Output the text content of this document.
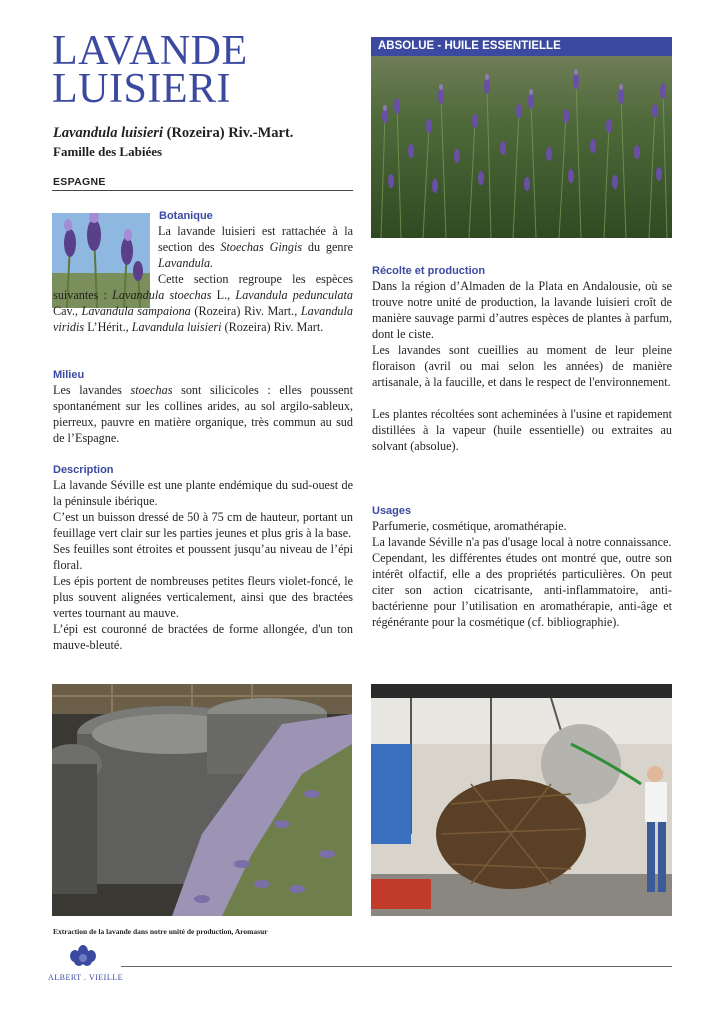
LAVANDE
LUISIERI
Lavandula luisieri (Rozeira) Riv.-Mart.
Famille des Labiées
ESPAGNE
ABSOLUE - HUILE ESSENTIELLE
Botanique

La lavande luisieri est rattachée à la section des Stoechas Gingis du genre Lavandula.

Cette section regroupe les espèces suivantes : Lavandula stoechas L., Lavandula pedunculata Cav., Lavandula sampaiona (Rozeira) Riv. Mart., Lavandula viridis L’Hérit., Lavandula luisieri (Rozeira) Riv. Mart.

Milieu

Les lavandes stoechas sont silicicoles : elles poussent spontanément sur les collines arides, au sol argilo-sableux, pierreux, pauvre en matière organique, très commun au sud de l’Espagne.

Description

La lavande Séville est une plante endémique du sud-ouest de la péninsule ibérique.

C’est un buisson dressé de 50 à 75 cm de hauteur, portant un feuillage vert clair sur les parties jeunes et plus gris à la base.

Ses feuilles sont étroites et poussent jusqu’au niveau de l’épi floral.

Les épis portent de nombreuses petites fleurs violet-foncé, le plus souvent alignées verticalement, ainsi que des bractées vertes tournant au mauve.

L’épi est couronné de bractées de forme allongée, d'un ton mauve-bleuté.

Récolte et production

Dans la région d’Almaden de la Plata en Andalousie, où se trouve notre unité de production, la lavande luisieri croît de manière sauvage parmi d’autres espèces de plantes à parfum, dont le ciste.

Les lavandes sont cueillies au moment de leur pleine floraison (avril ou mai selon les années) de manière artisanale, à la faucille, et dans le respect de l'environnement.

Les plantes récoltées sont acheminées à l'usine et rapidement distillées à la vapeur (huile essentielle) ou extraites au solvant (absolue).

Usages

Parfumerie, cosmétique, aromathérapie.

La lavande Séville n'a pas d'usage local à notre connaissance.

Cependant, les différentes études ont montré que, outre son intérêt olfactif, elle a des propriétés particulières. On peut citer son action cicatrisante, anti-inflammatoire, anti-bactérienne pour l’utilisation en aromathérapie, anti-âge et régénérante pour la cosmétique (cf. bibliographie).

Extraction de la lavande dans notre unité de production, Aromasur
ALBERT . VIEILLE
